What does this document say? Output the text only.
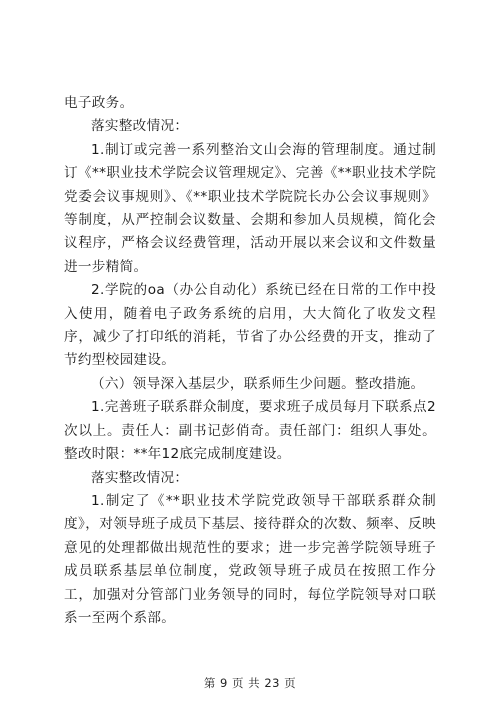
电子政务。

落实整改情况：

1.制订或完善一系列整治文山会海的管理制度。通过制订《**职业技术学院会议管理规定》、完善《**职业技术学院党委会议事规则》、《**职业技术学院院长办公会议事规则》等制度，从严控制会议数量、会期和参加人员规模，简化会议程序，严格会议经费管理，活动开展以来会议和文件数量进一步精简。

2.学院的oa（办公自动化）系统已经在日常的工作中投入使用，随着电子政务系统的启用，大大简化了收发文程序，减少了打印纸的消耗，节省了办公经费的开支，推动了节约型校园建设。

（六）领导深入基层少，联系师生少问题。整改措施。

1.完善班子联系群众制度，要求班子成员每月下联系点2次以上。责任人：副书记彭俏奇。责任部门：组织人事处。整改时限：**年12底完成制度建设。

落实整改情况：

1.制定了《**职业技术学院党政领导干部联系群众制度》，对领导班子成员下基层、接待群众的次数、频率、反映意见的处理都做出规范性的要求；进一步完善学院领导班子成员联系基层单位制度，党政领导班子成员在按照工作分工，加强对分管部门业务领导的同时，每位学院领导对口联系一至两个系部。

第 9 页 共 23 页
